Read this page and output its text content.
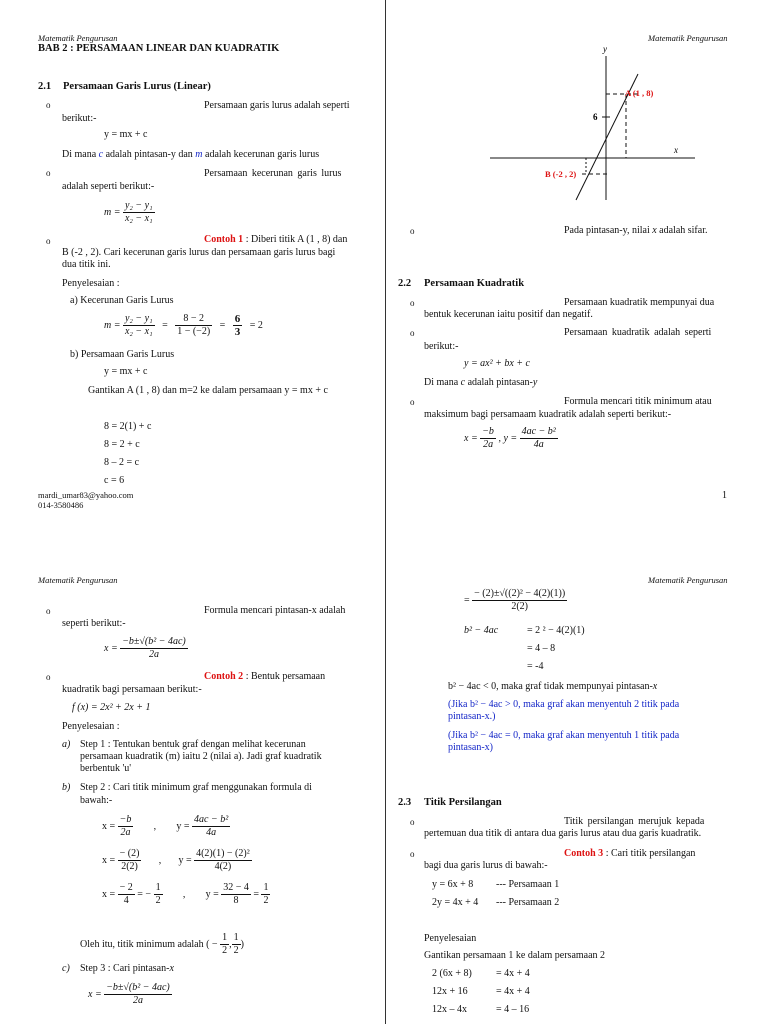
Matematik Pengurusan	Matematik Pengurusan
BAB 2 : PERSAMAAN LINEAR DAN KUADRATIK
2.1 Persamaan Garis Lurus (Linear)
o	Persamaan garis lurus adalah seperti
berikut:-
y = mx + c
Di mana c adalah pintasan-y dan m adalah kecerunan garis lurus
o	Persamaan kecerunan garis lurus
adalah seperti berikut:-
$m = \frac{\text{y₂ − y₁}}{\text{x₂ − x₁}}$
o	Contoh 1 : Diberi titik A (1 , 8) dan
B (-2 , 2). Cari kecerunan garis lurus dan persamaan garis lurus bagi
dua titik ini.
Penyelesaian :
a) Kecerunan Garis Lurus
$m = \frac{\text{y₂ − y₁}}{\text{x₂ − x₁}} = \frac{8 - 2}{1 - (-2)} = \frac{6}{3} = 2$
b) Persamaan Garis Lurus
y = mx + c
Gantikan A (1 , 8) dan m=2 ke dalam persamaan y = mx + c
8 = 2(1) + c
8 = 2 + c
8 – 2 = c
c = 6
mardi_umar83@yahoo.com
014-3580486
y
x
6
A (1 , 8)
B (-2 , 2)
o	Pada pintasan-y, nilai x adalah sifar.
2.2 Persamaan Kuadratik
o	Persamaan kuadratik mempunyai dua
bentuk kecerunan iaitu positif dan negatif.
o	Persamaan kuadratik adalah seperti
berikut:-
y = ax² + bx + c
Di mana c adalah pintasan-y
o	Formula mencari titik minimum atau
maksimum bagi persamaam kuadratik adalah seperti berikut:-
$x = \frac{-b}{2a}$ , $y = \frac{\text{4ac − b²}}{4a}$
1
Matematik Pengurusan	Matematik Pengurusan
o	Formula mencari pintasan-x adalah
seperti berikut:-
$x = \frac{\text{−b±√(b² − 4ac)}}{2a}$
o	Contoh 2 : Bentuk persamaan
kuadratik bagi persamaan berikut:-
f (x) = 2x² + 2x + 1
Penyelesaian :
a) Step 1 : Tentukan bentuk graf dengan melihat kecerunan
persamaan kuadratik (m) iaitu 2 (nilai a). Jadi graf kuadratik
berbentuk 'u'
b) Step 2 : Cari titik minimum graf menggunakan formula di
bawah:-
$x = \frac{-b}{2a}$ , $y = \frac{\text{4ac − b²}}{4a}$
$x = \frac{- (2)}{2(2)}$ , $y = \frac{\text{4(2)(1) − (2)²}}{4(2)}$
$x = \frac{- 2}{4}$ = − $\frac{1}{2}$ , $y = \frac{32 - 4}{8} = \frac{1}{2}$
Oleh itu, titik minimum adalah ( − $\frac{1}{2}$ , $\frac{1}{2}$ )
c) Step 3 : Cari pintasan-x
$x = \frac{\text{−b±√(b² − 4ac)}}{2a}$
= $\frac{\text{− (2)±√((2)² − 4(2)(1))}}{2(2)}$
b² − 4ac	= 2 ² − 4(2)(1)
= 4 – 8
= -4
b² − 4ac < 0, maka graf tidak mempunyai pintasan-x
(Jika b² − 4ac > 0, maka graf akan menyentuh 2 titik pada
pintasan-x.)
(Jika b² − 4ac = 0, maka graf akan menyentuh 1 titik pada
pintasan-x)
2.3 Titik Persilangan
o	Titik persilangan merujuk kepada
pertemuan dua titik di antara dua garis lurus atau dua garis kuadratik.
o	Contoh 3 : Cari titik persilangan
bagi dua garis lurus di bawah:-
y = 6x + 8 --- Persamaan 1
2y = 4x + 4 --- Persamaan 2
Penyelesaian
Gantikan persamaan 1 ke dalam persamaan 2
2 (6x + 8) = 4x + 4
12x + 16	= 4x + 4
12x – 4x	= 4 – 16
